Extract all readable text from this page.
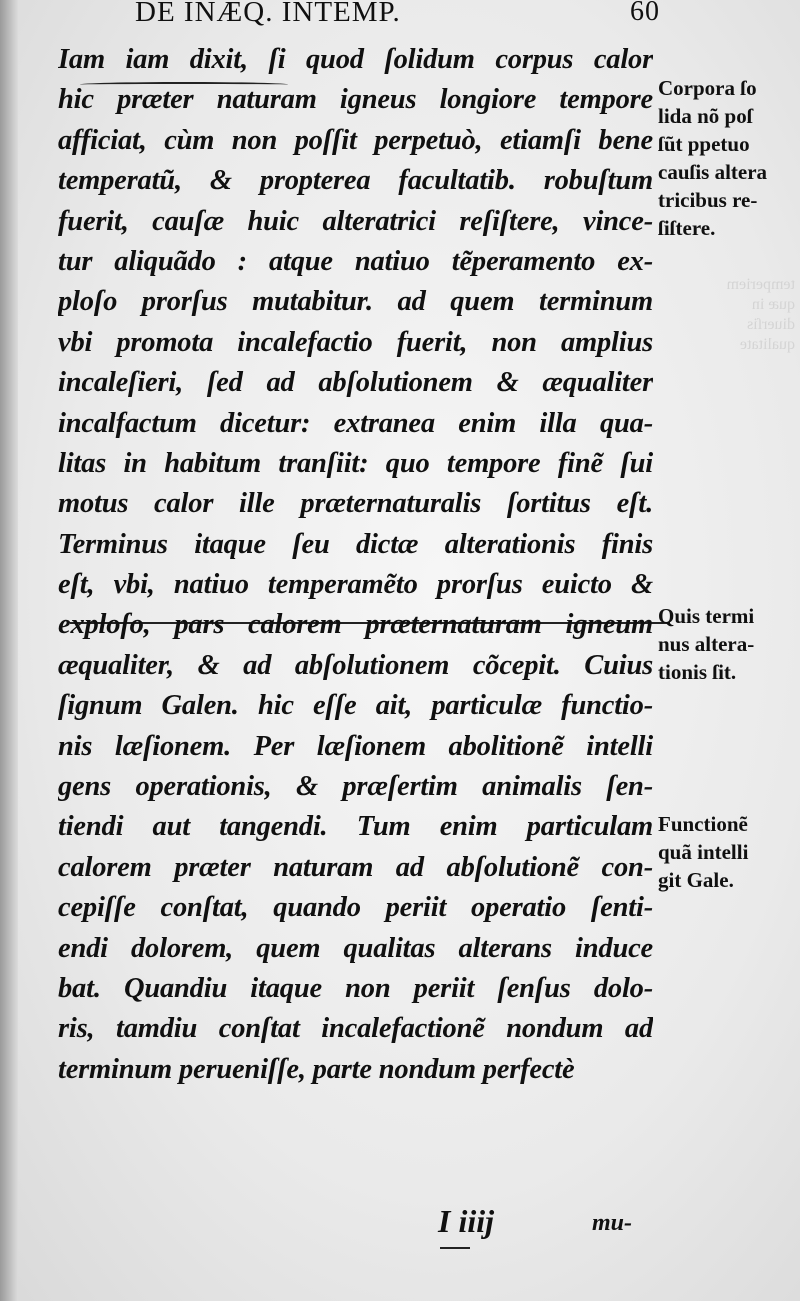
DE INÆQ. INTEMP.	60
Iam iam dixit, ſi quod ſolidum corpus calor
hic præter naturam igneus longiore tempore
afficiat, cùm non poſſit perpetuò, etiamſi bene
temperatũ, & propterea facultatib. robuſtum
fuerit, cauſæ huic alteratrici reſiſtere, vince-
tur aliquãdo : atque natiuo tẽperamento ex-
ploſo prorſus mutabitur. ad quem terminum
vbi promota incalefactio fuerit, non amplius
incaleſieri, ſed ad abſolutionem & æqualiter
incalfactum dicetur: extranea enim illa qua-
litas in habitum tranſiit: quo tempore finẽ ſui
motus calor ille præternaturalis ſortitus eſt.
Terminus itaque ſeu dictæ alterationis finis
eſt, vbi, natiuo temperamẽto prorſus euicto &
exploſo, pars calorem præternaturam igneum
æqualiter, & ad abſolutionem cõcepit. Cuius
ſignum Galen. hic eſſe ait, particulæ functio-
nis læſionem. Per læſionem abolitionẽ intelli
gens operationis, & præſertim animalis ſen-
tiendi aut tangendi. Tum enim particulam
calorem præter naturam ad abſolutionẽ con-
cepiſſe conſtat, quando periit operatio ſenti-
endi dolorem, quem qualitas alterans induce
bat. Quandiu itaque non periit ſenſus dolo-
ris, tamdiu conſtat incalefactionẽ nondum ad
terminum perueniſſe, parte nondum perfectè
Corpora ſo
lida nõ poſ
ſũt ppetuo
cauſis altera
tricibus re-
ſiſtere.
temperiem
quæ in
diuerſis
qualitate
Quis termi
nus altera-
tionis ſit.
Functionẽ
quã intelli
git Gale.
I iiij	mu-
